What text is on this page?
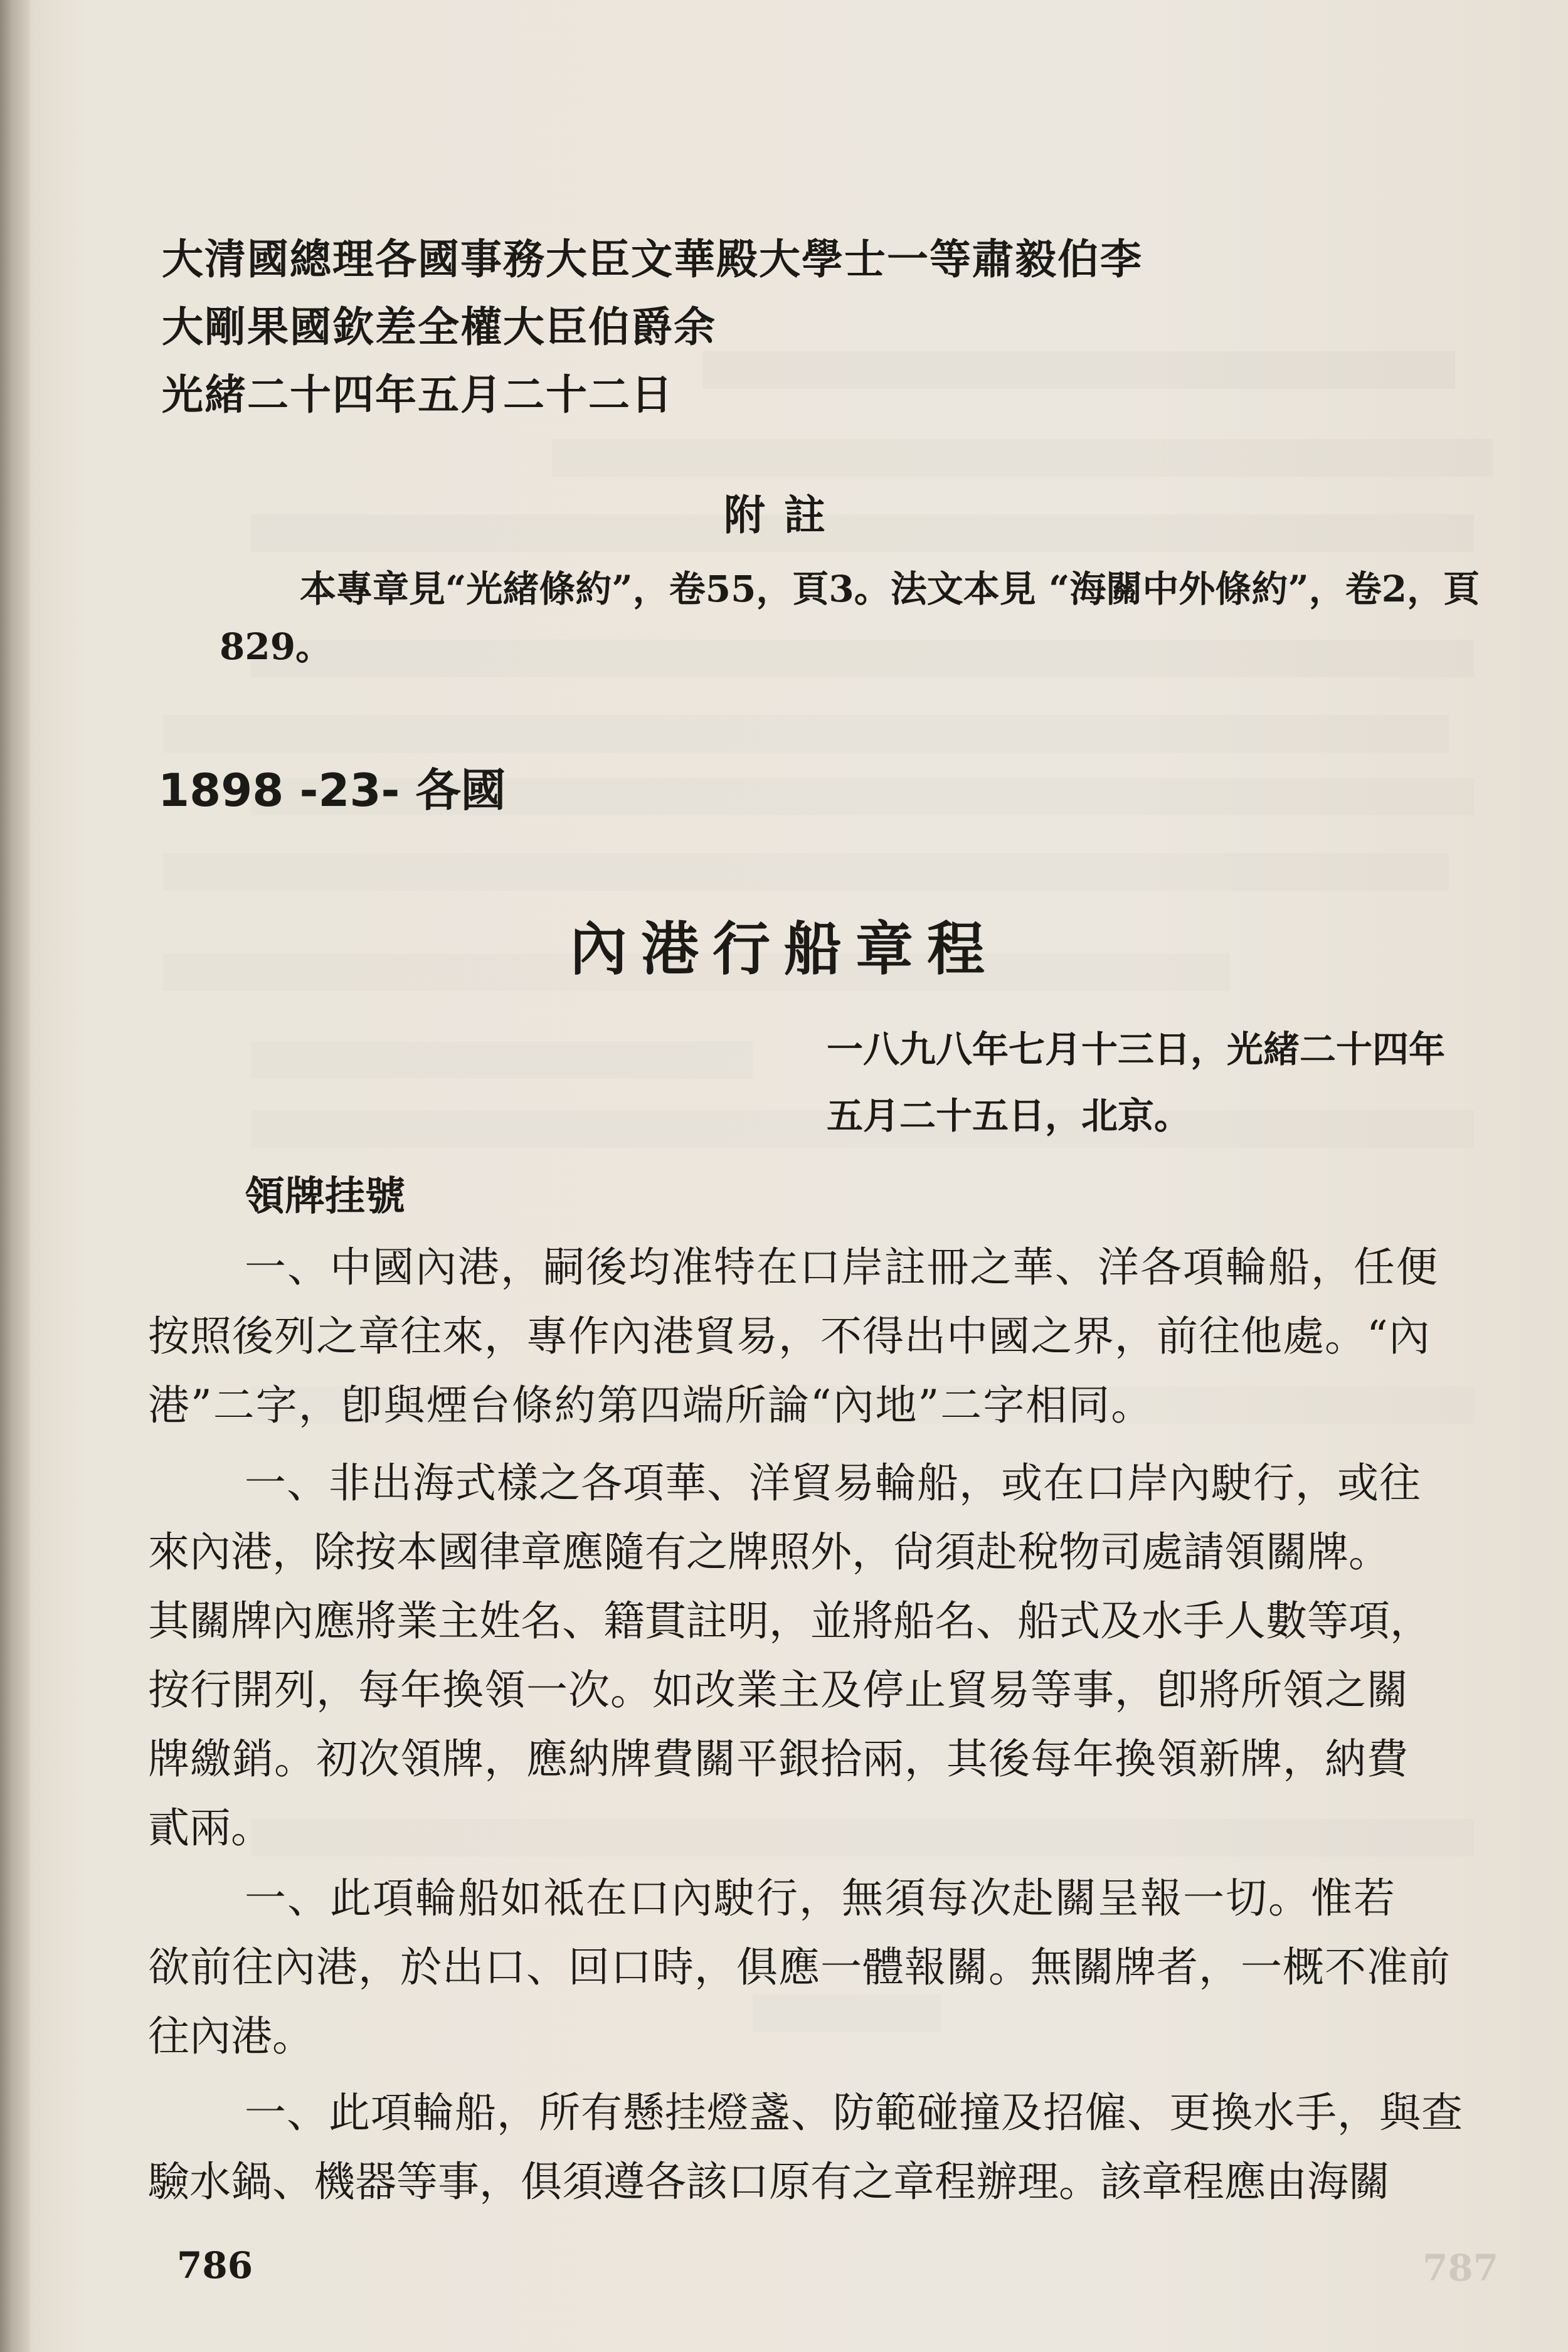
大清國總理各國事務大臣文華殿大學士一等肅毅伯李
大剛果國欽差全權大臣伯爵余
光緒二十四年五月二十二日
附註
本專章見“光緒條約”，卷55，頁3。法文本見 “海關中外條約”，卷2，頁
829。
1898 -23- 各國
內港行船章程
一八九八年七月十三日，光緒二十四年
五月二十五日，北京。
領牌挂號
一、中國內港，嗣後均准特在口岸註冊之華、洋各項輪船，任便
按照後列之章往來，專作內港貿易，不得出中國之界，前往他處。“內
港”二字，卽與煙台條約第四端所論“內地”二字相同。
一、非出海式樣之各項華、洋貿易輪船，或在口岸內駛行，或往
來內港，除按本國律章應隨有之牌照外，尙須赴稅物司處請領關牌。
其關牌內應將業主姓名、籍貫註明，並將船名、船式及水手人數等項，
按行開列，每年換領一次。如改業主及停止貿易等事，卽將所領之關
牌繳銷。初次領牌，應納牌費關平銀拾兩，其後每年換領新牌，納費
貳兩。
一、此項輪船如祗在口內駛行，無須每次赴關呈報一切。惟若
欲前往內港，於出口、回口時，俱應一體報關。無關牌者，一概不准前
往內港。
一、此項輪船，所有懸挂燈盞、防範碰撞及招僱、更換水手，與查
驗水鍋、機器等事，俱須遵各該口原有之章程辦理。該章程應由海關
786	787
